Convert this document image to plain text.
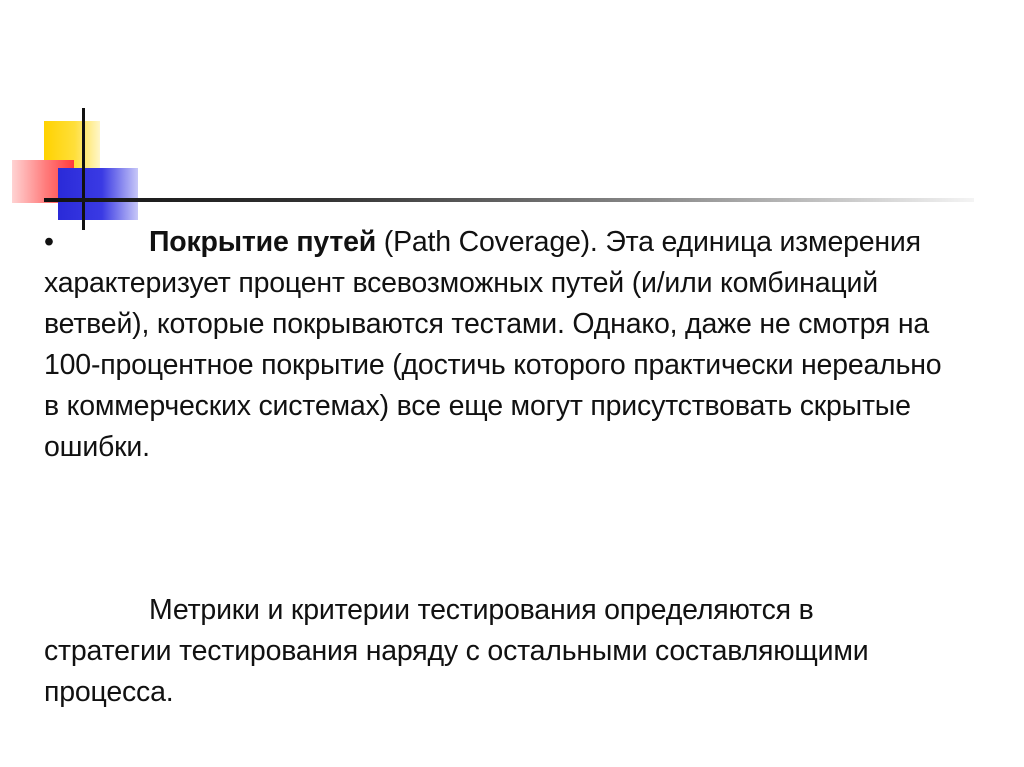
•	Покрытие путей (Path Coverage). Эта единица измерения характеризует процент всевозможных путей (и/или комбинаций ветвей), которые покрываются тестами. Однако, даже не смотря на 100-процентное покрытие (достичь которого практически нереально в коммерческих системах) все еще могут присутствовать скрытые ошибки.

Метрики и критерии тестирования определяются в стратегии тестирования наряду с остальными составляющими процесса.
